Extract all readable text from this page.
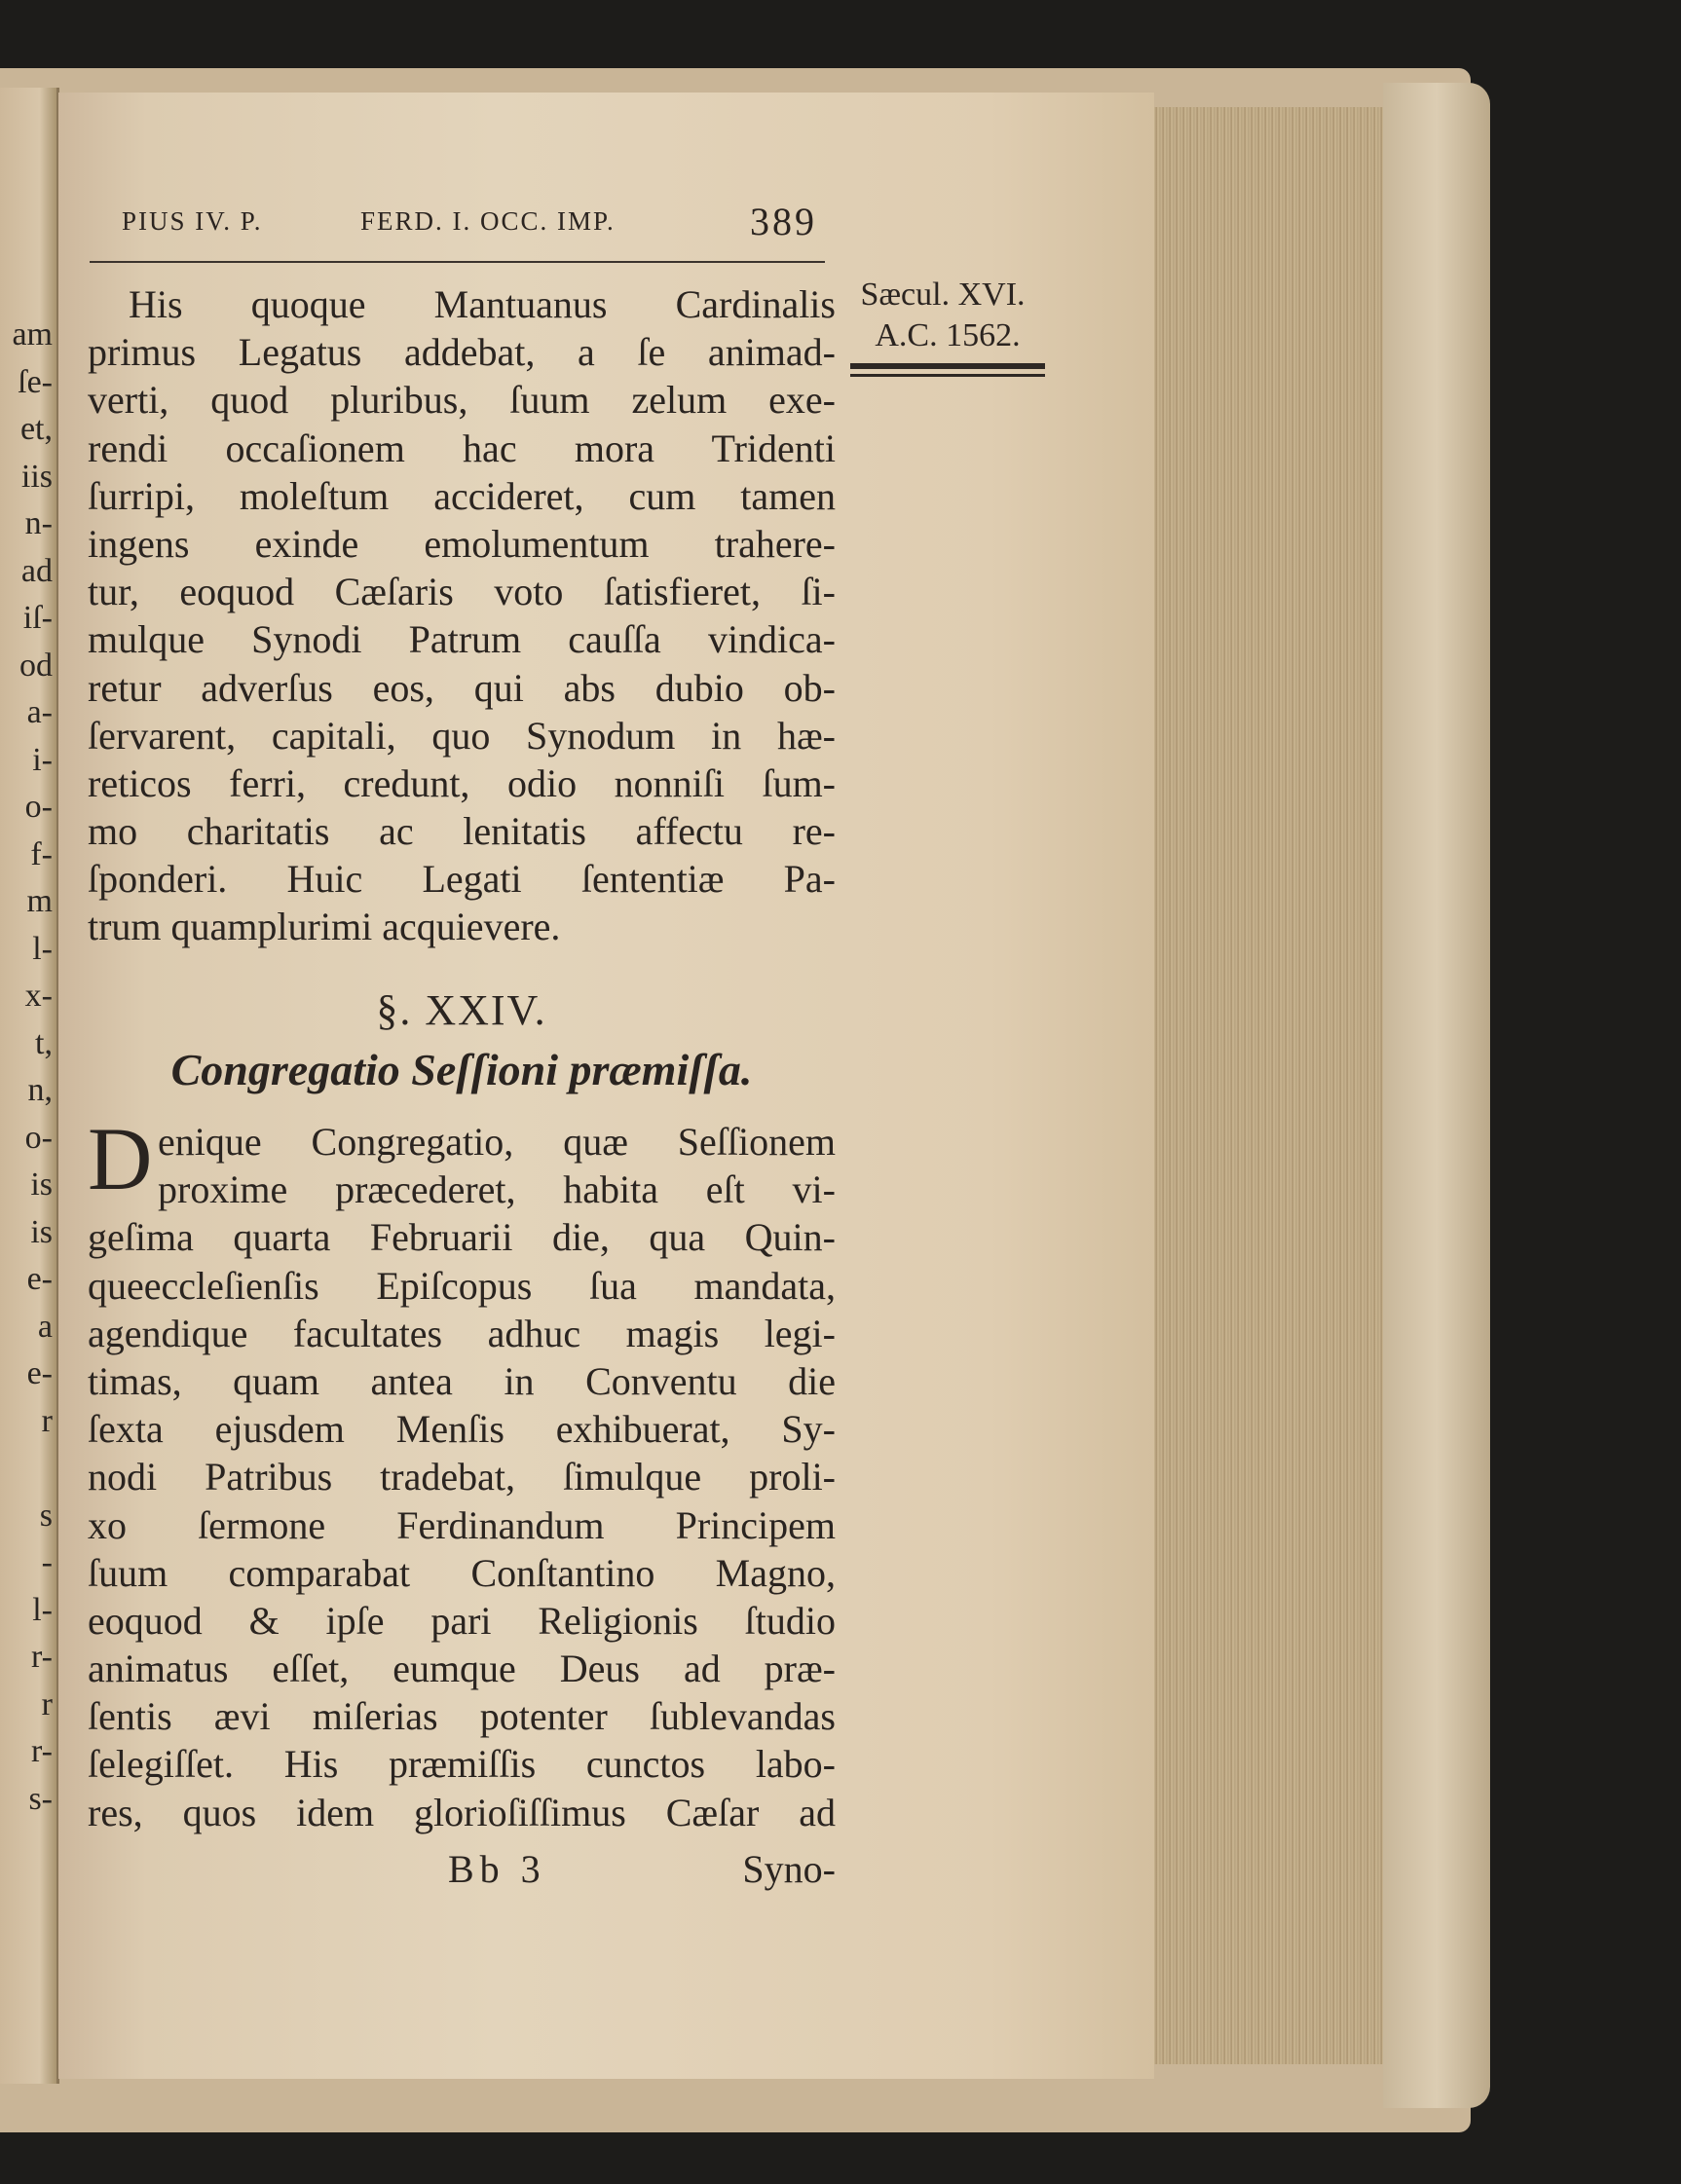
am
ſe-
et,
iis
n-
ad
iſ-
od
a-
i-
o-
f-
m
l-
x-
t,
n,
o-
is
is
e-
a
e-
r
s
-
l-
r-
r
r-
s-
PIUS IV. P.	FERD. I. OCC. IMP.	389
Sæcul. XVI.
A.C. 1562.
His quoque Mantuanus Cardinalis
primus Legatus addebat, a ſe animad-
verti, quod pluribus, ſuum zelum exe-
rendi occaſionem hac mora Tridenti
ſurripi, moleſtum accideret, cum tamen
ingens exinde emolumentum trahere-
tur, eoquod Cæſaris voto ſatisfieret, ſi-
mulque Synodi Patrum cauſſa vindica-
retur adverſus eos, qui abs dubio ob-
ſervarent, capitali, quo Synodum in hæ-
reticos ferri, credunt, odio nonniſi ſum-
mo charitatis ac lenitatis affectu re-
ſponderi. Huic Legati ſententiæ Pa-
trum quamplurimi acquievere.
§. XXIV.
Congregatio Seſſioni præmiſſa.
D enique Congregatio, quæ Seſſionem
proxime præcederet, habita eſt vi-
geſima quarta Februarii die, qua Quin-
queeccleſienſis Epiſcopus ſua mandata,
agendique facultates adhuc magis legi-
timas, quam antea in Conventu die
ſexta ejusdem Menſis exhibuerat, Sy-
nodi Patribus tradebat, ſimulque proli-
xo ſermone Ferdinandum Principem
ſuum comparabat Conſtantino Magno,
eoquod & ipſe pari Religionis ſtudio
animatus eſſet, eumque Deus ad præ-
ſentis ævi miſerias potenter ſublevandas
ſelegiſſet. His præmiſſis cunctos labo-
res, quos idem glorioſiſſimus Cæſar ad
Bb 3	Syno-
